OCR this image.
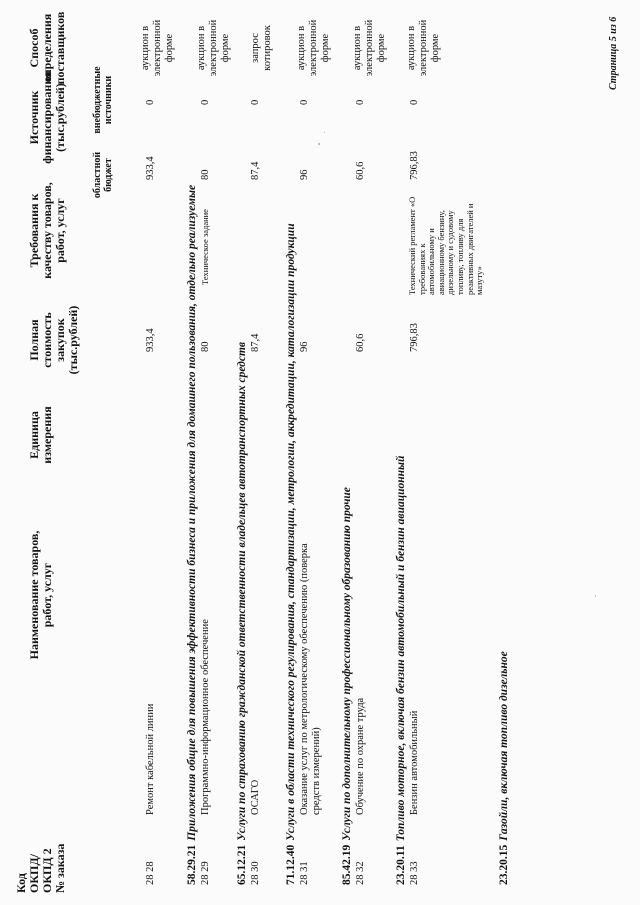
Код ОКПД/ ОКПД 2 № заказа
Наименование товаров, работ, услуг
Единица измерения
Полная стоимость закупок (тыс.рублей)
Требования к качеству товаров, работ, услуг
Источник финансирования (тыс.рублей)
областной бюджет
внебюджетные источники
Способ определения поставщиков
28 28
Ремонт кабельной линии
933,4
933,4
0
аукцион в электронной форме
58.29.21Приложения общие для повышения эффективности бизнеса и приложения для домашнего пользования, отдельно реализуемые
28 29
Программно-информационное обеспечение
80
Техническое задание
80
0
аукцион в электронной форме
65.12.21Услуги по страхованию гражданской ответственности владельцев автотранспортных средств
28 30
ОСАГО
87,4
87,4
0
запрос котировок
71.12.40Услуги в области технического регулирования, стандартизации, метрологии, аккредитации, каталогизации продукции
28 31
Оказание услуг по метрологическому обеспечению (поверка средств измерений)
96
96
0
аукцион в электронной форме
85.42.19Услуги по дополнительному профессиональному образованию прочие
28 32
Обучение по охране труда
60,6
60,6
0
аукцион в электронной форме
23.20.11Топливо моторное, включая бензин автомобильный и бензин авиационный
28 33
Бензин автомобильный
796,83
Технический регламент «О требованиях к автомобильному и авиационному бензину, дизельному и судовому топливу, топливу для реактивных двигателей и мазуту»
796,83
0
аукцион в электронной форме
23.20.15Газойли, включая топливо дизельное
Страница 5 из 6
